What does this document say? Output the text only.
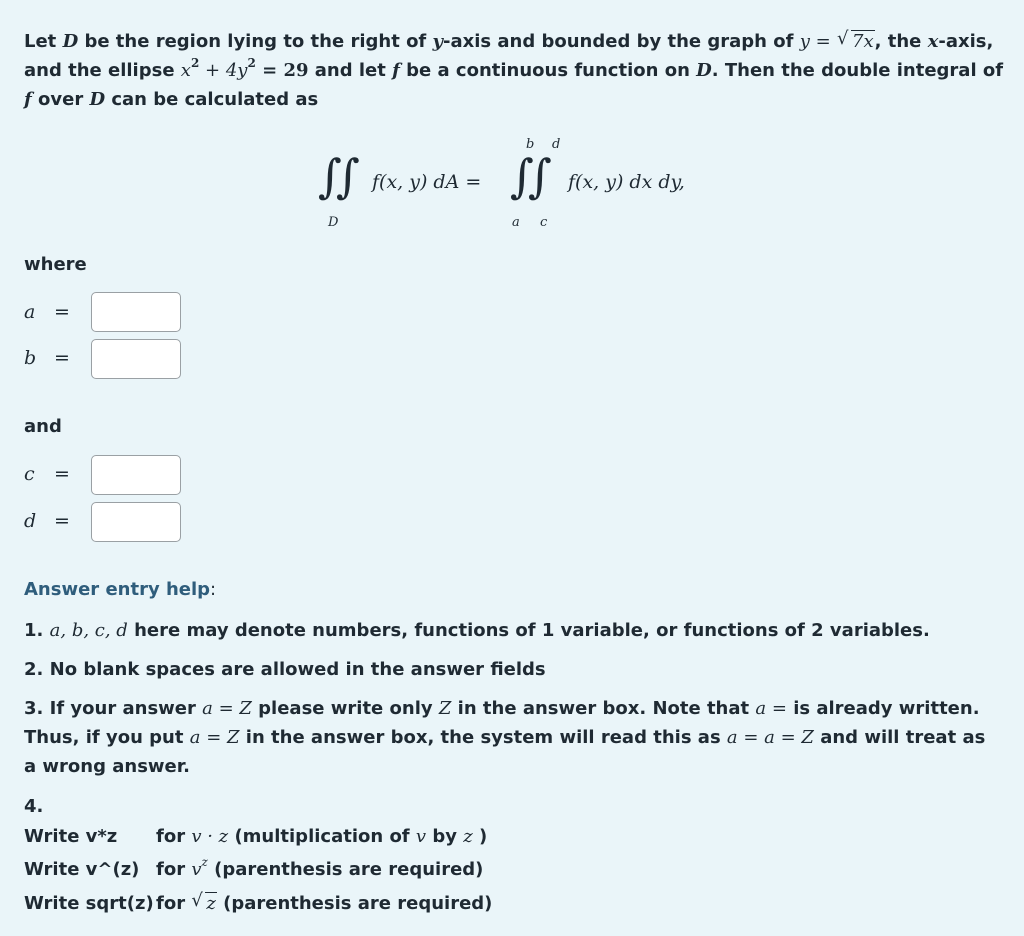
Let D be the region lying to the right of y-axis and bounded by the graph of y = √ 7x, the x-axis, and the ellipse $x^2 + 4y^2 = 29$ and let f be a continuous function on D. Then the double integral of f over D can be calculated as
∫
∫
D
f(x, y) dA = ∫
∫
b d
a c
f(x, y) dx dy,
where
a =
b =
and
c =
d =
Answer entry help:
1. a, b, c, d here may denote numbers, functions of 1 variable, or functions of 2 variables.
2. No blank spaces are allowed in the answer fields
3. If your answer a = Z please write only Z in the answer box. Note that a = is already written. Thus, if you put a = Z in the answer box, the system will read this as a = a = Z and will treat as a wrong answer.
4.
Write v*z for v · z (multiplication of v by z )
Write v^(z) for $v^z$ (parenthesis are required)
Write sqrt(z) for √ z (parenthesis are required)
